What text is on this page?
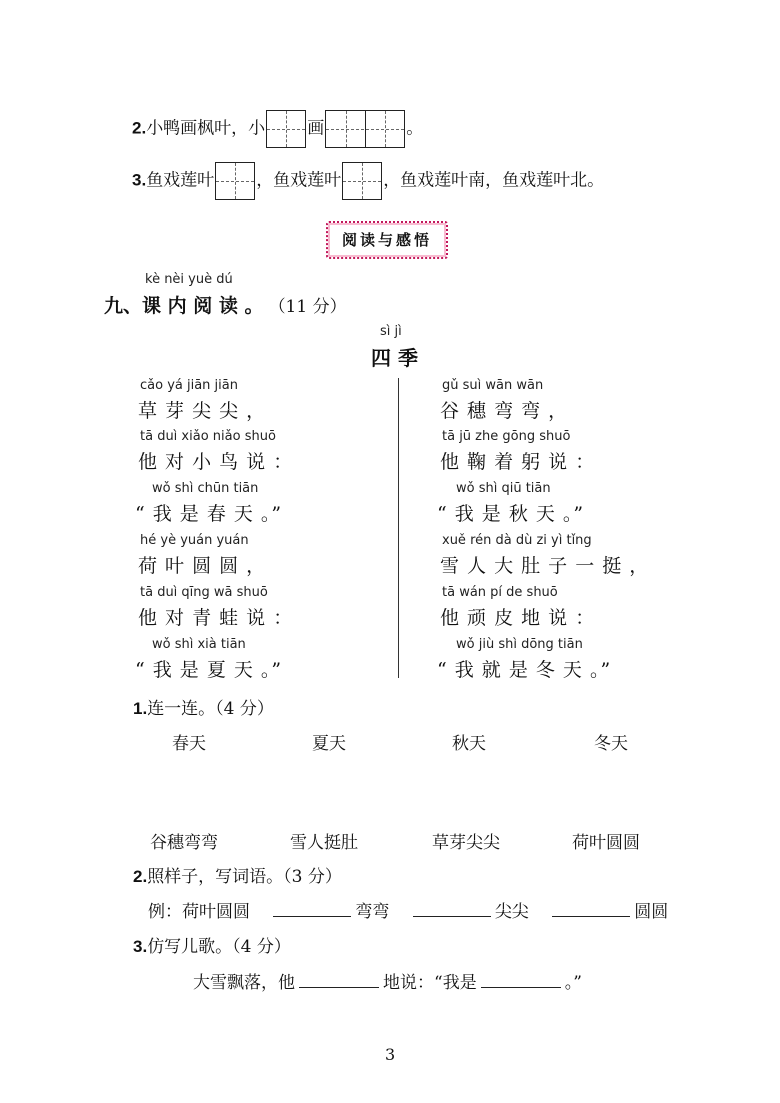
2.小鸭画枫叶，小 画	。
3.鱼戏莲叶 ，鱼戏莲叶 ，鱼戏莲叶南，鱼戏莲叶北。
阅读与感悟
kè nèi yuè dú
九、课 内 阅 读 。 （11 分）
sì jì
四 季
cǎo yá jiān jiān
草 芽 尖 尖 ，
tā duì xiǎo niǎo shuō
他 对 小 鸟 说 ：
wǒ shì chūn tiān
“ 我 是 春 天 。”
hé yè yuán yuán
荷 叶 圆 圆 ，
tā duì qīng wā shuō
他 对 青 蛙 说 ：
wǒ shì xià tiān
“ 我 是 夏 天 。”
gǔ suì wān wān
谷 穗 弯 弯 ，
tā jū zhe gōng shuō
他 鞠 着 躬 说 ：
wǒ shì qiū tiān
“ 我 是 秋 天 。”
xuě rén dà dù zi yì tǐng
雪 人 大 肚 子 一 挺 ，
tā wán pí de shuō
他 顽 皮 地 说 ：
wǒ jiù shì dōng tiān
“ 我 就 是 冬 天 。”
1.连一连。（4 分）
春天	夏天	秋天	冬天
谷穗弯弯	雪人挺肚	草芽尖尖	荷叶圆圆
2.照样子，写词语。（3 分）
例：荷叶圆圆	弯弯	尖尖	圆圆
3.仿写儿歌。（4 分）
大雪飘落，他	地说：“我是	。”
3
